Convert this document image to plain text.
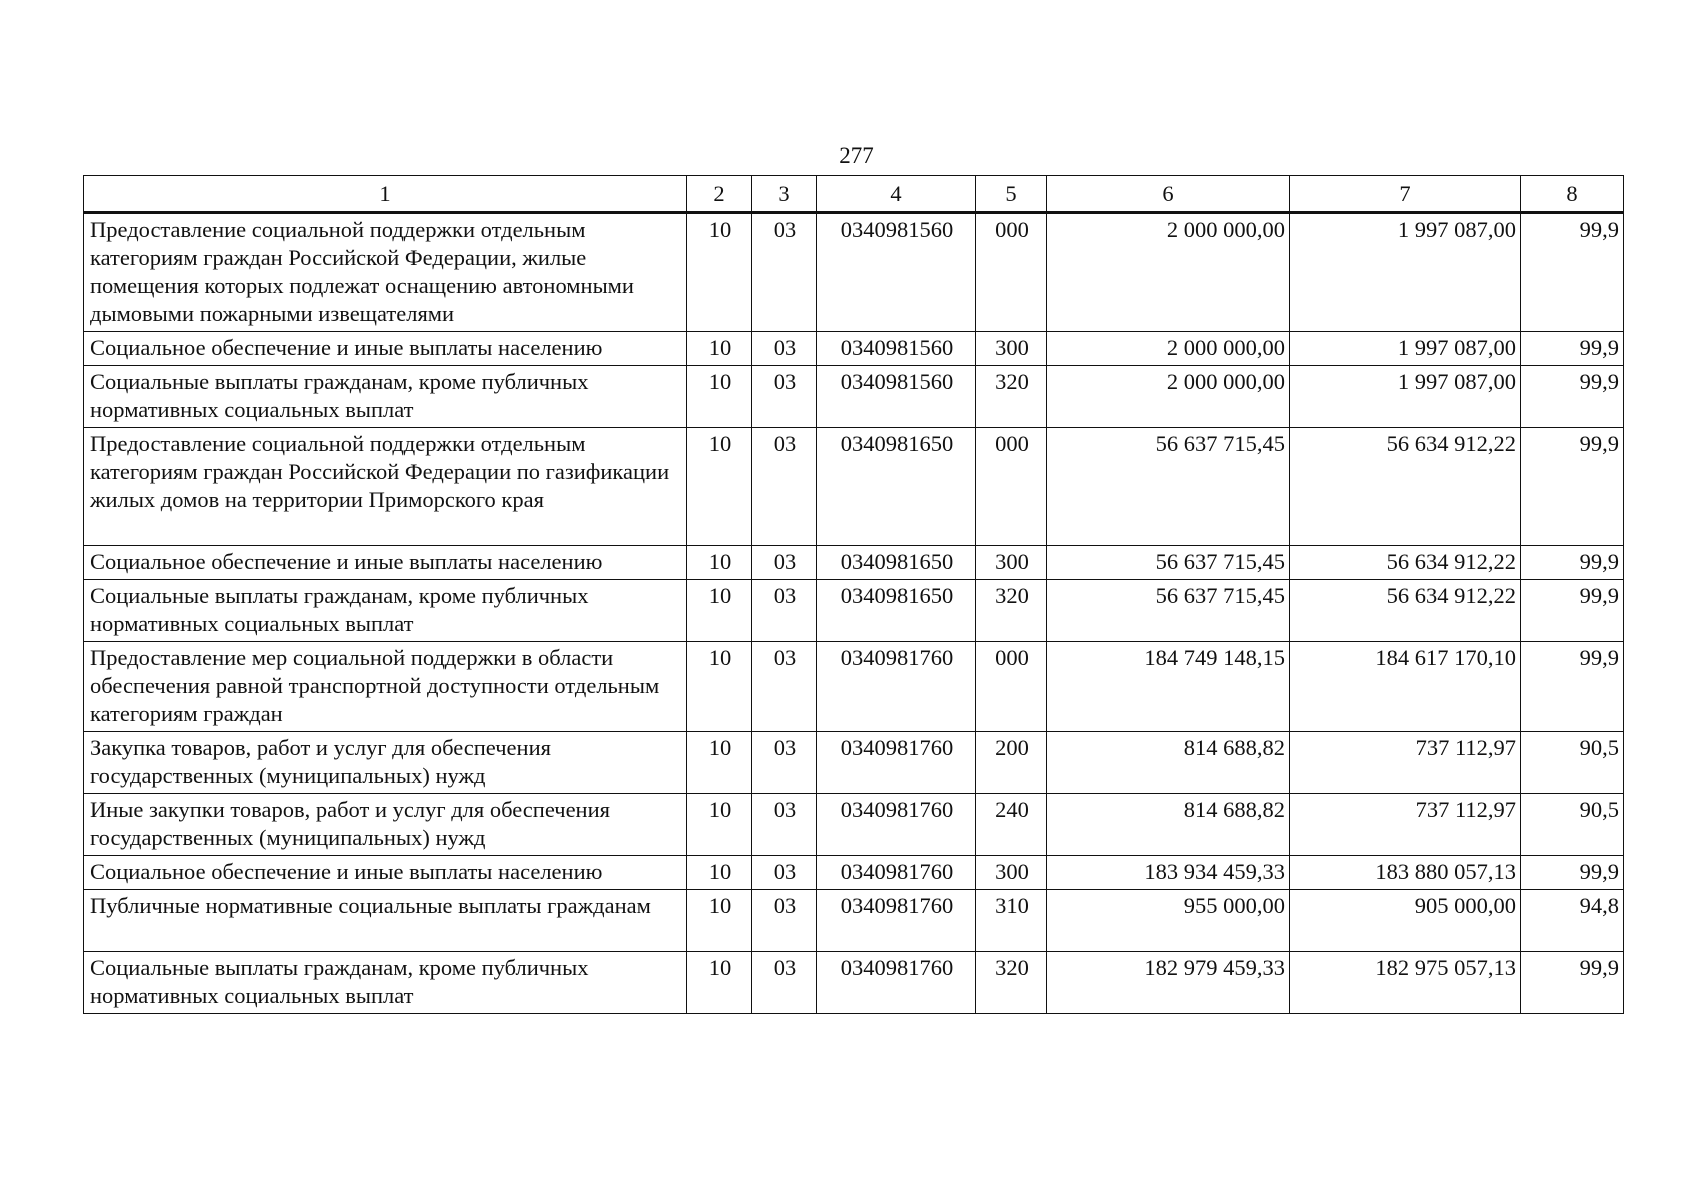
277
1	2	3	4	5	6	7	8
Предоставление социальной поддержки отдельным категориям граждан Российской Федерации, жилые помещения которых подлежат оснащению автономными дымовыми пожарными извещателями	10	03	0340981560	000	2 000 000,00	1 997 087,00	99,9
Социальное обеспечение и иные выплаты населению	10	03	0340981560	300	2 000 000,00	1 997 087,00	99,9
Социальные выплаты гражданам, кроме публичных нормативных социальных выплат	10	03	0340981560	320	2 000 000,00	1 997 087,00	99,9
Предоставление социальной поддержки отдельным категориям граждан Российской Федерации по газификации жилых домов на территории Приморского края	10	03	0340981650	000	56 637 715,45	56 634 912,22	99,9
Социальное обеспечение и иные выплаты населению	10	03	0340981650	300	56 637 715,45	56 634 912,22	99,9
Социальные выплаты гражданам, кроме публичных нормативных социальных выплат	10	03	0340981650	320	56 637 715,45	56 634 912,22	99,9
Предоставление мер социальной поддержки в области обеспечения равной транспортной доступности отдельным категориям граждан	10	03	0340981760	000	184 749 148,15	184 617 170,10	99,9
Закупка товаров, работ и услуг для обеспечения государственных (муниципальных) нужд	10	03	0340981760	200	814 688,82	737 112,97	90,5
Иные закупки товаров, работ и услуг для обеспечения государственных (муниципальных) нужд	10	03	0340981760	240	814 688,82	737 112,97	90,5
Социальное обеспечение и иные выплаты населению	10	03	0340981760	300	183 934 459,33	183 880 057,13	99,9
Публичные нормативные социальные выплаты гражданам	10	03	0340981760	310	955 000,00	905 000,00	94,8
Социальные выплаты гражданам, кроме публичных нормативных социальных выплат	10	03	0340981760	320	182 979 459,33	182 975 057,13	99,9
